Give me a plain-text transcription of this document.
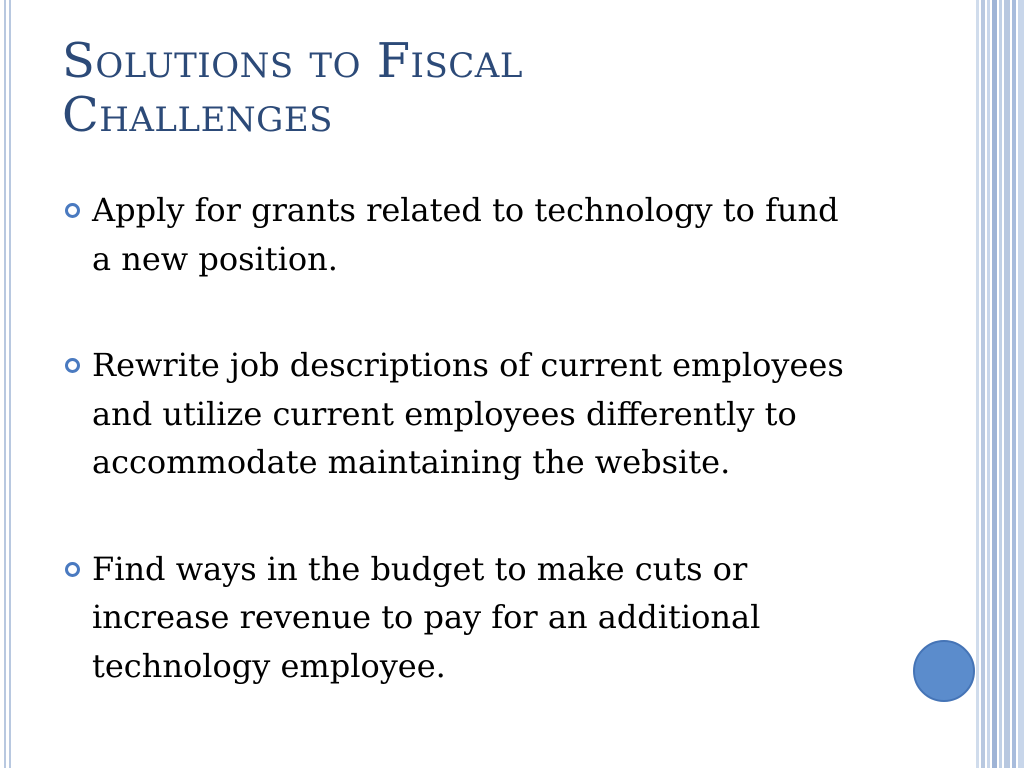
Solutions to Fiscal
Challenges
Apply for grants related to technology to fund a new position.
Rewrite job descriptions of current employees and utilize current employees differently to accommodate maintaining the website.
Find ways in the budget to make cuts or increase revenue to pay for an additional technology employee.
